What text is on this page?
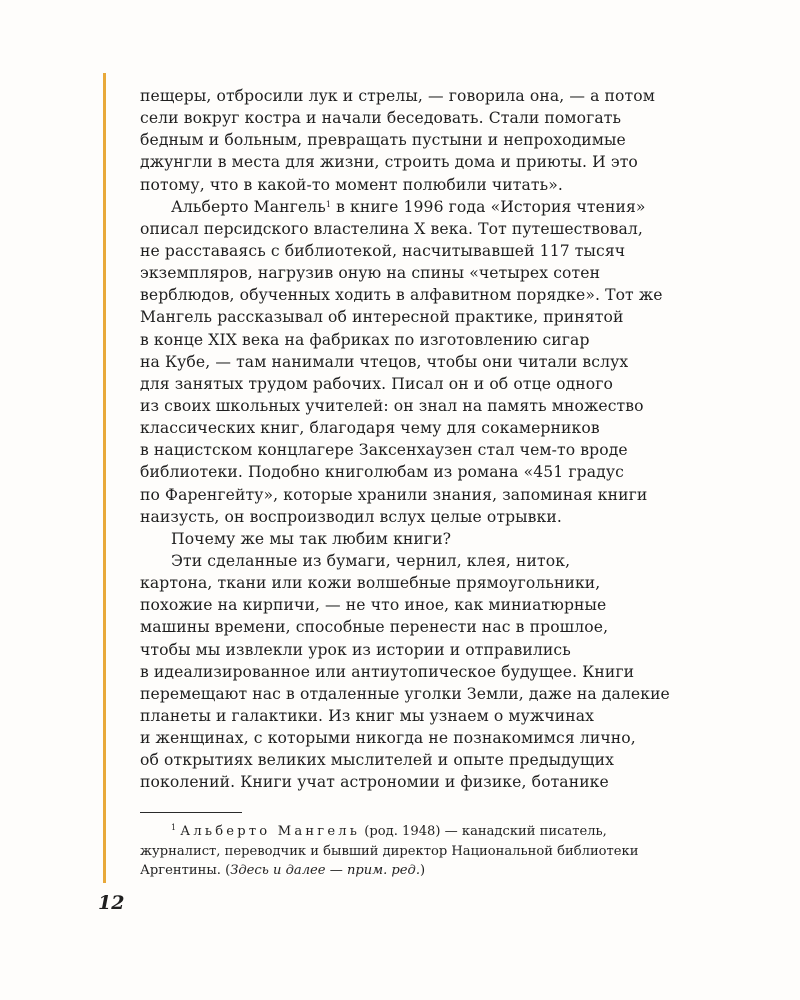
пещеры, отбросили лук и стрелы, — говорила она, — а потом
сели вокруг костра и начали беседовать. Стали помогать
бедным и больным, превращать пустыни и непроходимые
джунгли в места для жизни, строить дома и приюты. И это
потому, что в какой-то момент полюбили читать».
Альберто Мангель$^1$ в книге 1996 года «История чтения»
описал персидского властелина X века. Тот путешествовал,
не расставаясь с библиотекой, насчитывавшей 117 тысяч
экземпляров, нагрузив оную на спины «четырех сотен
верблюдов, обученных ходить в алфавитном порядке». Тот же
Мангель рассказывал об интересной практике, принятой
в конце XIX века на фабриках по изготовлению сигар
на Кубе, — там нанимали чтецов, чтобы они читали вслух
для занятых трудом рабочих. Писал он и об отце одного
из своих школьных учителей: он знал на память множество
классических книг, благодаря чему для сокамерников
в нацистском концлагере Заксенхаузен стал чем-то вроде
библиотеки. Подобно книголюбам из романа «451 градус
по Фаренгейту», которые хранили знания, запоминая книги
наизусть, он воспроизводил вслух целые отрывки.
Почему же мы так любим книги?
Эти сделанные из бумаги, чернил, клея, ниток,
картона, ткани или кожи волшебные прямоугольники,
похожие на кирпичи, — не что иное, как миниатюрные
машины времени, способные перенести нас в прошлое,
чтобы мы извлекли урок из истории и отправились
в идеализированное или антиутопическое будущее. Книги
перемещают нас в отдаленные уголки Земли, даже на далекие
планеты и галактики. Из книг мы узнаем о мужчинах
и женщинах, с которыми никогда не познакомимся лично,
об открытиях великих мыслителей и опыте предыдущих
поколений. Книги учат астрономии и физике, ботанике
$^1$ Альберто Мангель (род. 1948) — канадский писатель,
журналист, переводчик и бывший директор Национальной библиотеки
Аргентины. (Здесь и далее — прим. ред.)
12
